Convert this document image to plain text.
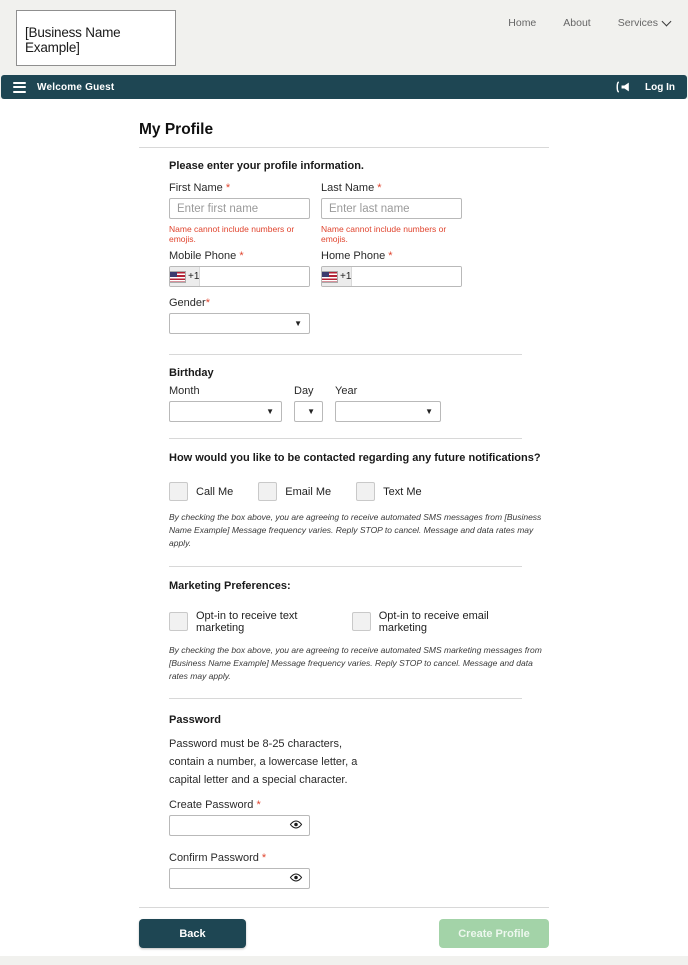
[Business Name Example]
Home	About	Services
Welcome Guest	Log In
My Profile
Please enter your profile information.
First Name *
Enter first name
Name cannot include numbers or emojis.
Last Name *
Enter last name
Name cannot include numbers or emojis.
Mobile Phone *
+1
Home Phone *
+1
Gender*
▼
Birthday
Month
▼
Day
▼
Year
▼
How would you like to be contacted regarding any future notifications?
Call Me	Email Me	Text Me
By checking the box above, you are agreeing to receive automated SMS messages from [Business Name Example] Message frequency varies. Reply STOP to cancel. Message and data rates may apply.
Marketing Preferences:
Opt-in to receive text marketing
Opt-in to receive email marketing
By checking the box above, you are agreeing to receive automated SMS marketing messages from [Business Name Example] Message frequency varies. Reply STOP to cancel. Message and data rates may apply.
Password
Password must be 8-25 characters, contain a number, a lowercase letter, a capital letter and a special character.
Create Password *
Confirm Password *
Back	Create Profile
